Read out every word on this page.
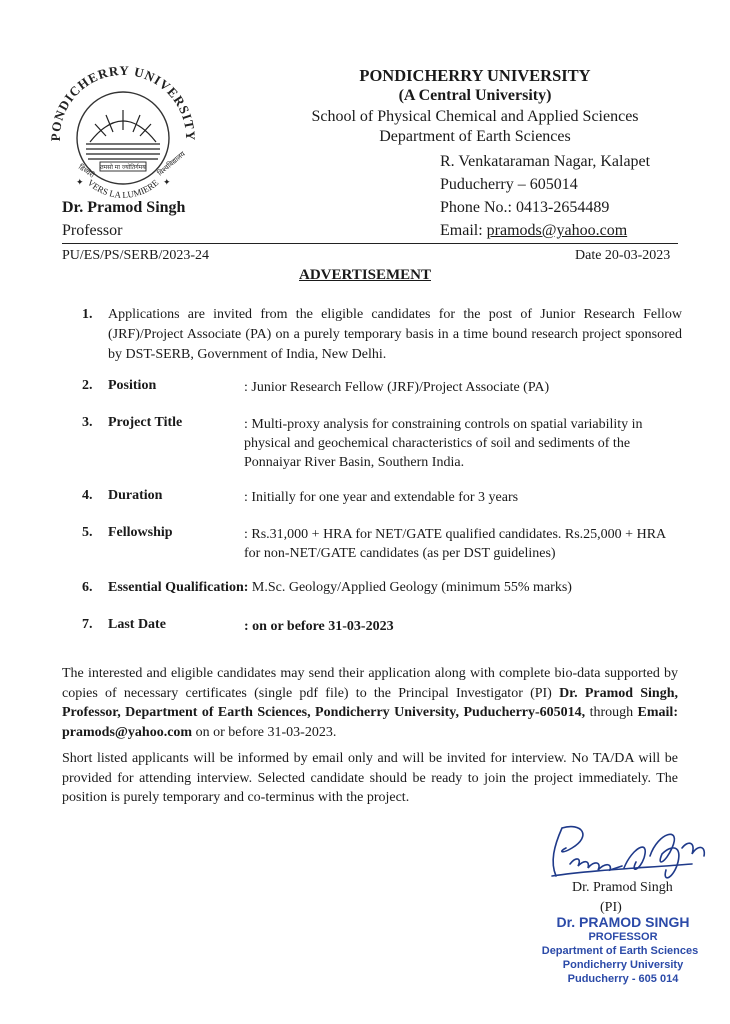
PONDICHERRY UNIVERSITY
VERS LA LUMIERE
तमसो मा ज्योतिर्गमय
डिच्चेरी	विश्वविद्यालय
✦	✦
PONDICHERRY UNIVERSITY
(A Central University)
School of Physical Chemical and Applied Sciences
Department of Earth Sciences
R. Venkataraman Nagar, Kalapet
Puducherry – 605014
Phone No.: 0413-2654489
Email: pramods@yahoo.com
Dr. Pramod Singh
Professor
PU/ES/PS/SERB/2023-24	Date 20-03-2023
ADVERTISEMENT
1. Applications are invited from the eligible candidates for the post of Junior Research Fellow (JRF)/Project Associate (PA) on a purely temporary basis in a time bound research project sponsored by DST-SERB, Government of India, New Delhi.
2. Position	: Junior Research Fellow (JRF)/Project Associate (PA)
3. Project Title	: Multi-proxy analysis for constraining controls on spatial variability in physical and geochemical characteristics of soil and sediments of the Ponnaiyar River Basin, Southern India.
4. Duration	: Initially for one year and extendable for 3 years
5. Fellowship	: Rs.31,000 + HRA for NET/GATE qualified candidates. Rs.25,000 + HRA for non-NET/GATE candidates (as per DST guidelines)
6. Essential Qualification: M.Sc. Geology/Applied Geology (minimum 55% marks)
7. Last Date	: on or before 31-03-2023
The interested and eligible candidates may send their application along with complete bio-data supported by copies of necessary certificates (single pdf file) to the Principal Investigator (PI) Dr. Pramod Singh, Professor, Department of Earth Sciences, Pondicherry University, Puducherry-605014, through Email: pramods@yahoo.com on or before 31-03-2023.
Short listed applicants will be informed by email only and will be invited for interview. No TA/DA will be provided for attending interview. Selected candidate should be ready to join the project immediately. The position is purely temporary and co-terminus with the project.
Dr. Pramod Singh
(PI)
Dr. PRAMOD SINGH
PROFESSOR
Department of Earth Sciences
Pondicherry University
Puducherry - 605 014
